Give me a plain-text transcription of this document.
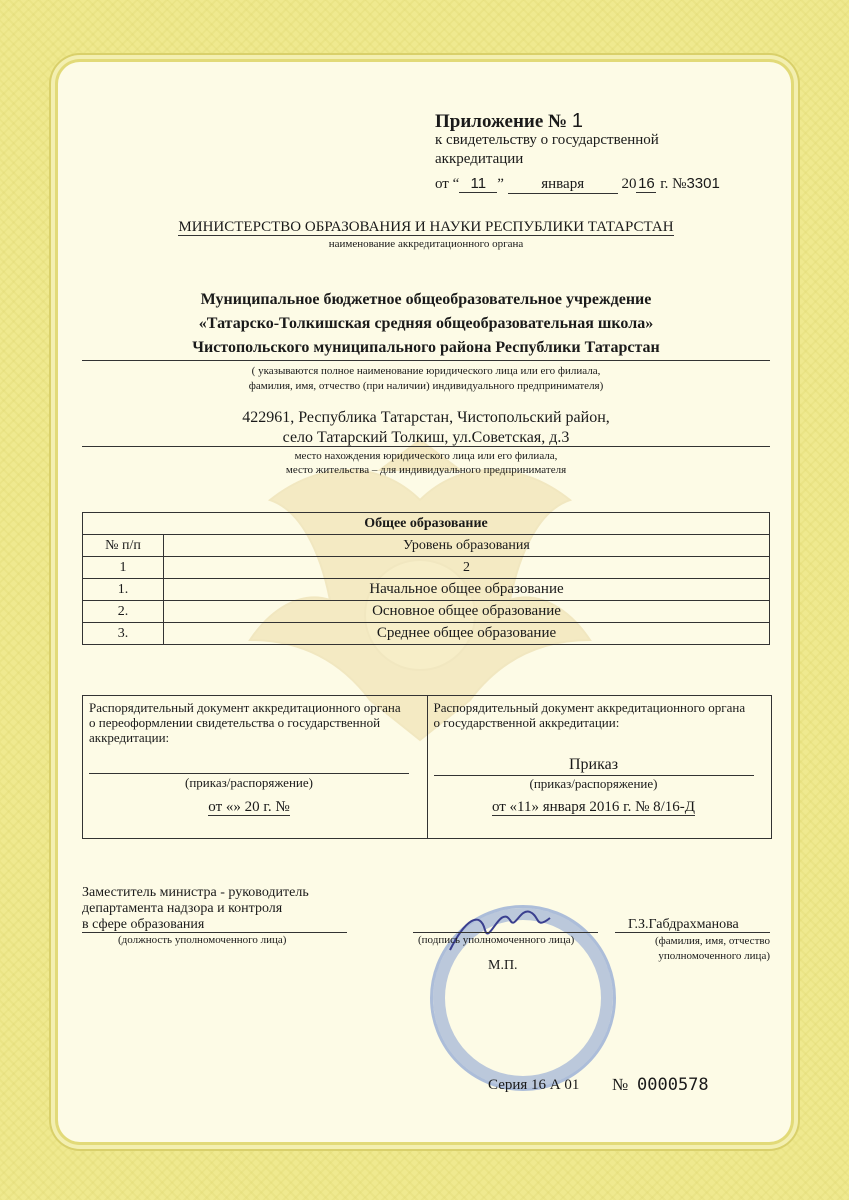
Приложение № 1
к свидетельству о государственной
аккредитации
от “ 11 ” января 20 16 г. №3301
МИНИСТЕРСТВО ОБРАЗОВАНИЯ И НАУКИ РЕСПУБЛИКИ ТАТАРСТАН
наименование аккредитационного органа
Муниципальное бюджетное общеобразовательное учреждение
«Татарско-Толкишская средняя общеобразовательная школа»
Чистопольского муниципального района Республики Татарстан
( указываются полное наименование юридического лица или его филиала,
фамилия, имя, отчество (при наличии) индивидуального предпринимателя)
422961, Республика Татарстан, Чистопольский район,
село Татарский Толкиш, ул.Советская, д.3
место нахождения юридического лица или его филиала,
место жительства – для индивидуального предпринимателя
Общее образование	
№ п/п	Уровень образования
1	2
1.	Начальное общее образование
2.	Основное общее образование
3.	Среднее общее образование
Распорядительный документ аккредитационного органа о переоформлении свидетельства о государственной аккредитации:
(приказ/распоряжение)
от «» 20 г. №
Распорядительный документ аккредитационного органа о государственной аккредитации:
Приказ
(приказ/распоряжение)
от «11» января 2016 г. № 8/16-Д
Заместитель министра - руководитель
департамента надзора и контроля
в сфере образования
(должность уполномоченного лица)	(подпись уполномоченного лица)
М.П.
Г.З.Габдрахманова
(фамилия, имя, отчество
уполномоченного лица)
Серия 16 А 01 № 0000578
